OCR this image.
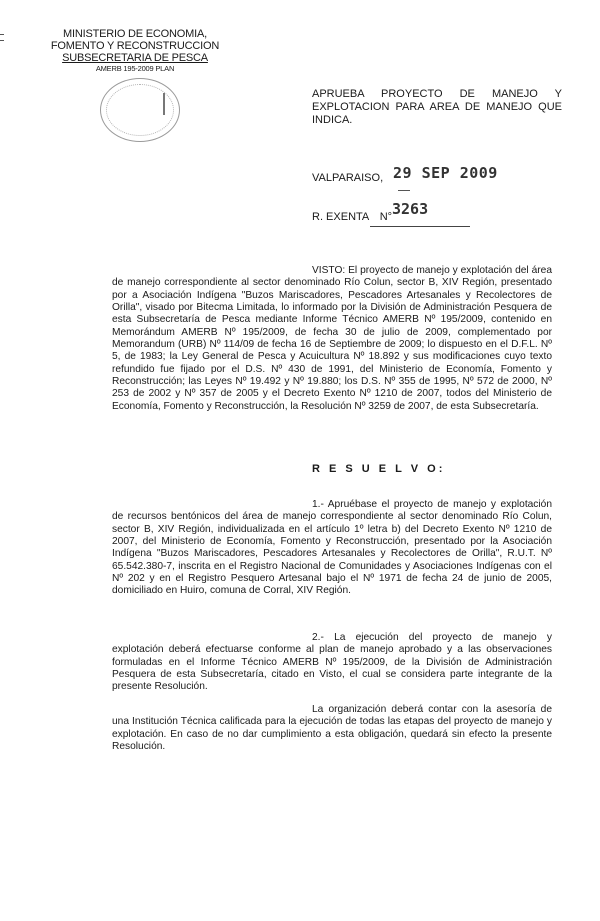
MINISTERIO DE ECONOMIA,
FOMENTO Y RECONSTRUCCION
SUBSECRETARIA DE PESCA
AMERB 195-2009 PLAN
APRUEBA PROYECTO DE MANEJO Y EXPLOTACION PARA AREA DE MANEJO QUE INDICA.
VALPARAISO, 29 SEP 2009
R. EXENTA N° 3263
VISTO: El proyecto de manejo y explotación del área de manejo correspondiente al sector denominado Río Colun, sector B, XIV Región, presentado por a Asociación Indígena "Buzos Mariscadores, Pescadores Artesanales y Recolectores de Orilla", visado por Bitecma Limitada, lo informado por la División de Administración Pesquera de esta Subsecretaría de Pesca mediante Informe Técnico AMERB Nº 195/2009, contenido en Memorándum AMERB Nº 195/2009, de fecha 30 de julio de 2009, complementado por Memorandum (URB) Nº 114/09 de fecha 16 de Septiembre de 2009; lo dispuesto en el D.F.L. Nº 5, de 1983; la Ley General de Pesca y Acuicultura Nº 18.892 y sus modificaciones cuyo texto refundido fue fijado por el D.S. Nº 430 de 1991, del Ministerio de Economía, Fomento y Reconstrucción; las Leyes Nº 19.492 y Nº 19.880; los D.S. Nº 355 de 1995, Nº 572 de 2000, Nº 253 de 2002 y Nº 357 de 2005 y el Decreto Exento Nº 1210 de 2007, todos del Ministerio de Economía, Fomento y Reconstrucción, la Resolución Nº 3259 de 2007, de esta Subsecretaría.
R E S U E L V O:
1.- Apruébase el proyecto de manejo y explotación de recursos bentónicos del área de manejo correspondiente al sector denominado Río Colun, sector B, XIV Región, individualizada en el artículo 1º letra b) del Decreto Exento Nº 1210 de 2007, del Ministerio de Economía, Fomento y Reconstrucción, presentado por la Asociación Indígena "Buzos Mariscadores, Pescadores Artesanales y Recolectores de Orilla", R.U.T. Nº 65.542.380-7, inscrita en el Registro Nacional de Comunidades y Asociaciones Indígenas con el Nº 202 y en el Registro Pesquero Artesanal bajo el Nº 1971 de fecha 24 de junio de 2005, domiciliado en Huiro, comuna de Corral, XIV Región.
2.- La ejecución del proyecto de manejo y explotación deberá efectuarse conforme al plan de manejo aprobado y a las observaciones formuladas en el Informe Técnico AMERB Nº 195/2009, de la División de Administración Pesquera de esta Subsecretaría, citado en Visto, el cual se considera parte integrante de la presente Resolución.
La organización deberá contar con la asesoría de una Institución Técnica calificada para la ejecución de todas las etapas del proyecto de manejo y explotación. En caso de no dar cumplimiento a esta obligación, quedará sin efecto la presente Resolución.
